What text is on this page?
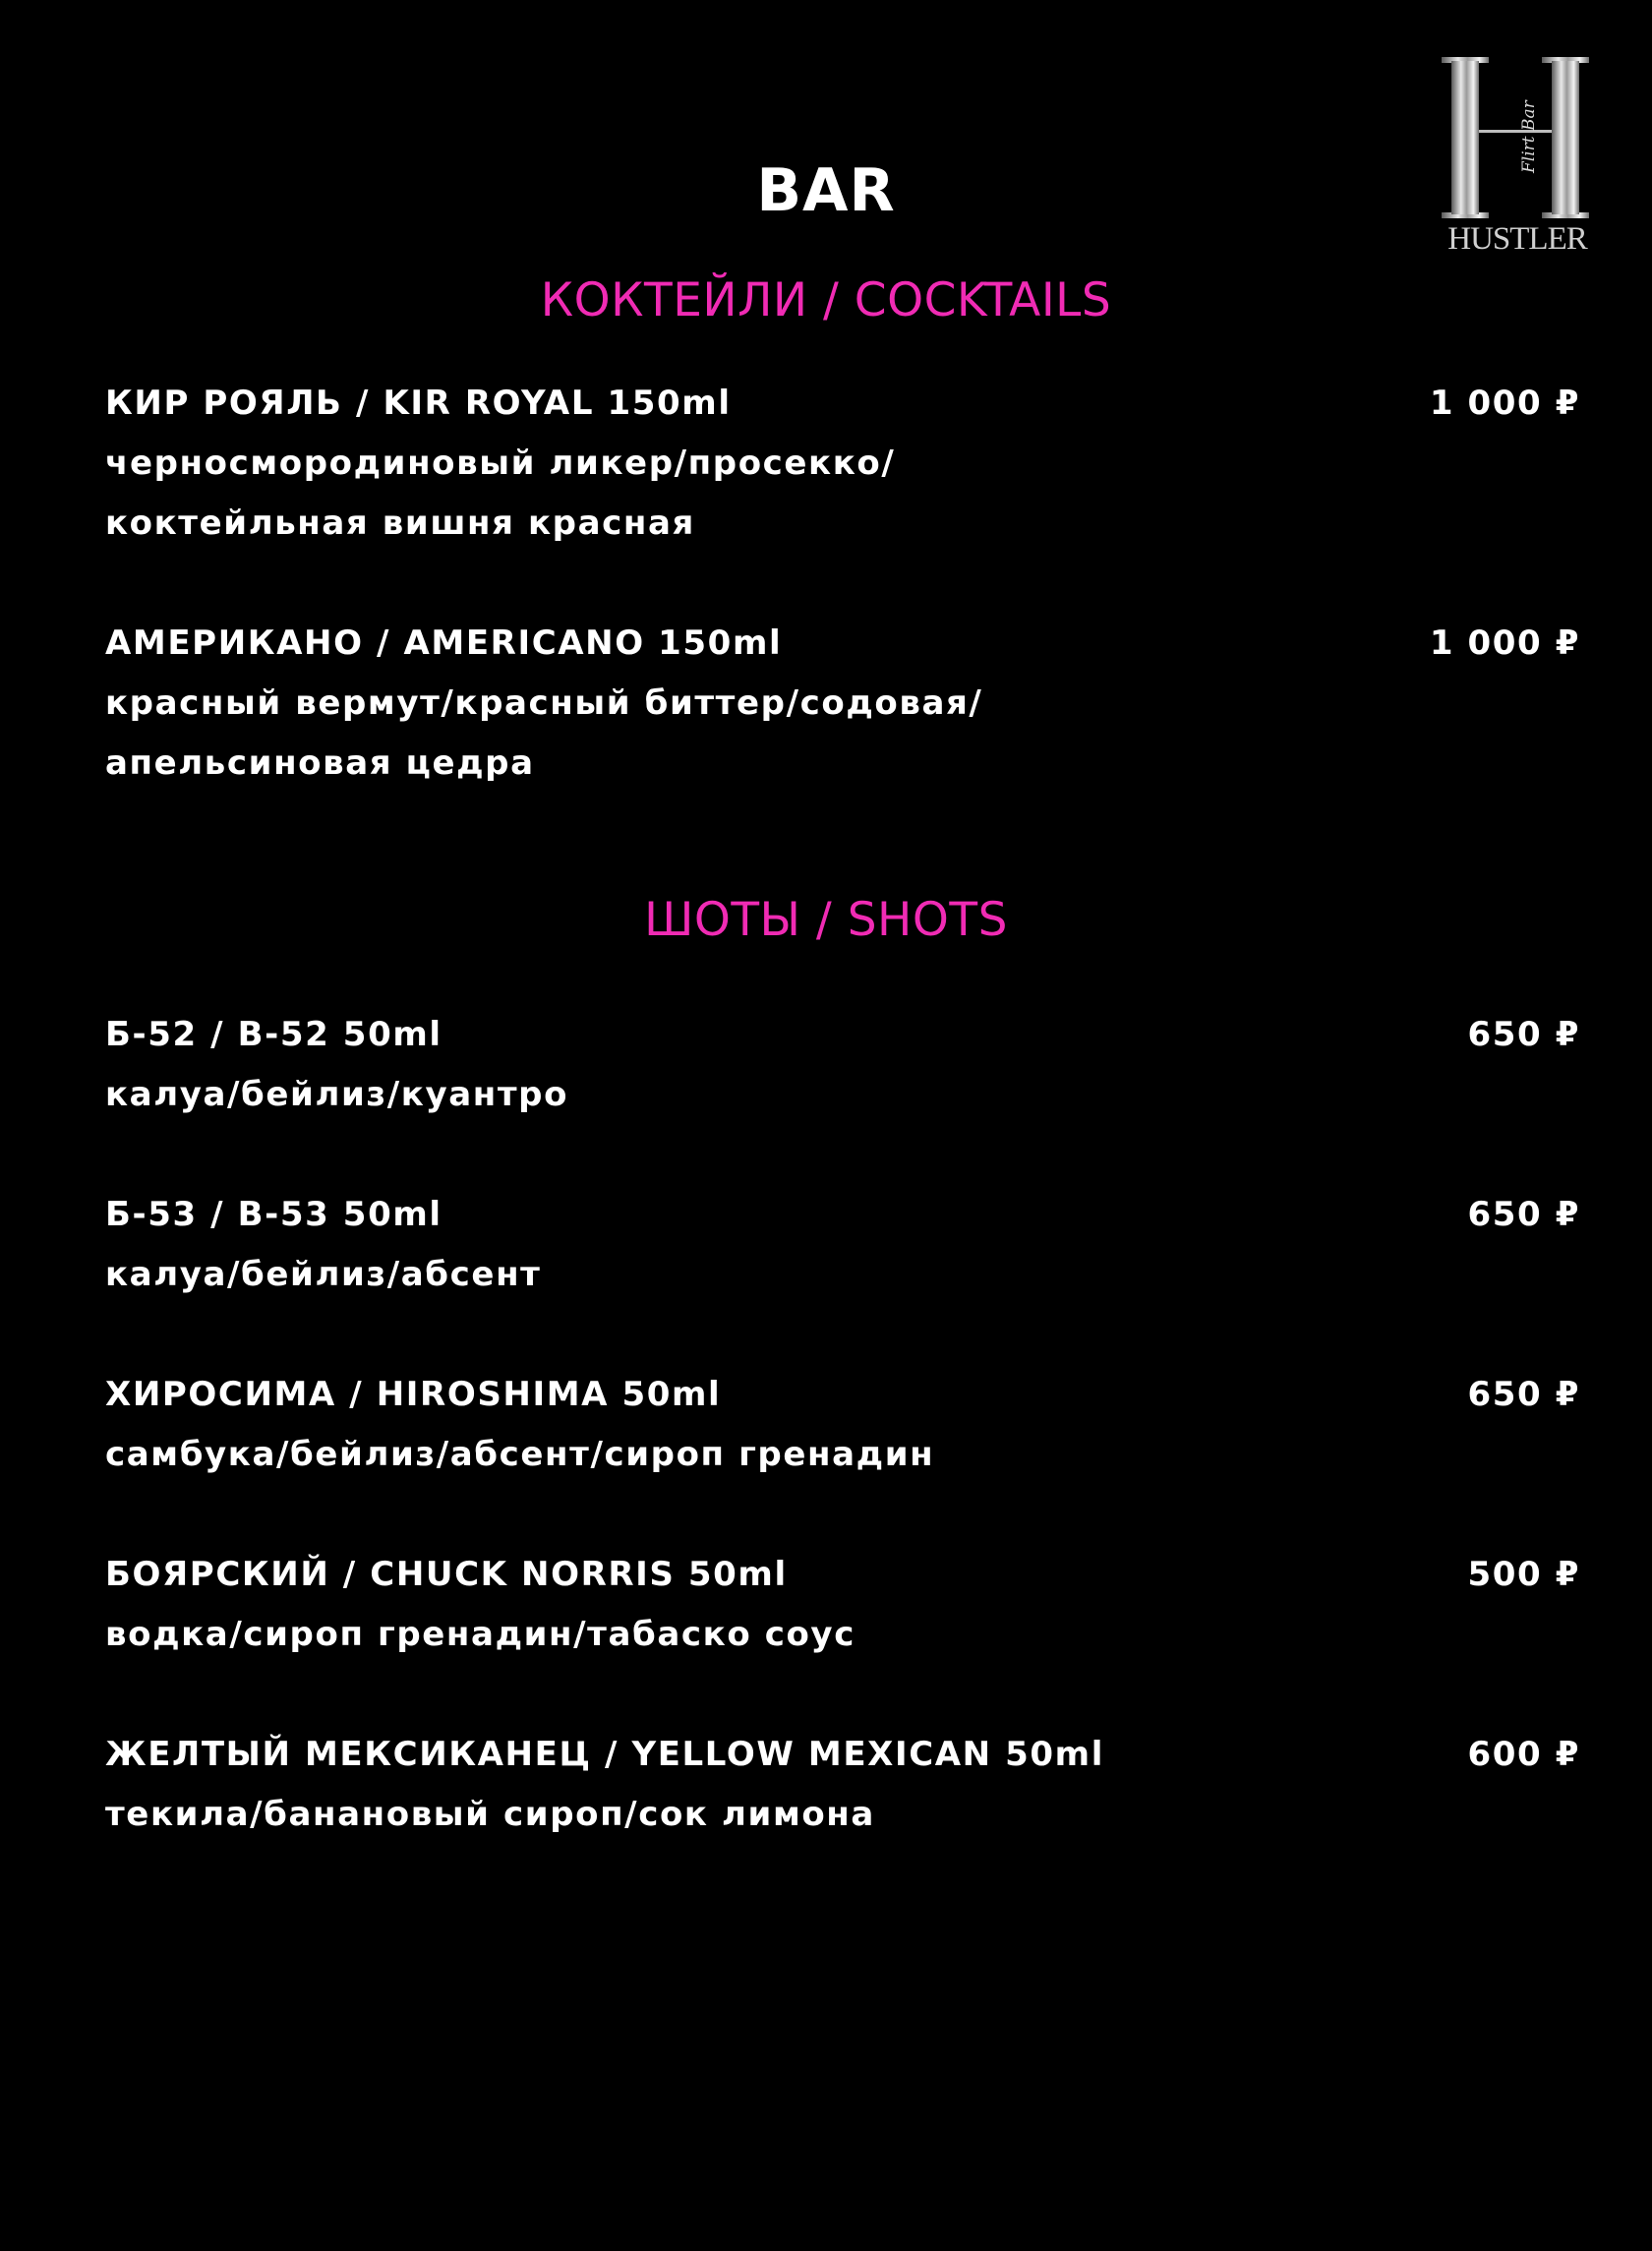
BAR
Flirt Bar
HUSTLER
КОКТЕЙЛИ / COCKTAILS
КИР РОЯЛЬ / KIR ROYAL 150ml
черносмородиновый ликер/просекко/
коктейльная вишня красная
1 000 ₽
АМЕРИКАНО / AMERICANO 150ml
красный вермут/красный биттер/содовая/
апельсиновая цедра
1 000 ₽
ШОТЫ / SHOTS
Б-52 / B-52 50ml
калуа/бейлиз/куантро
650 ₽
Б-53 / B-53 50ml
калуа/бейлиз/абсент
650 ₽
ХИРОСИМА / HIROSHIMA 50ml
самбука/бейлиз/абсент/сироп гренадин
650 ₽
БОЯРСКИЙ / CHUCK NORRIS 50ml
водка/сироп гренадин/табаско соус
500 ₽
ЖЕЛТЫЙ МЕКСИКАНЕЦ / YELLOW MEXICAN 50ml
текила/банановый сироп/сок лимона
600 ₽
